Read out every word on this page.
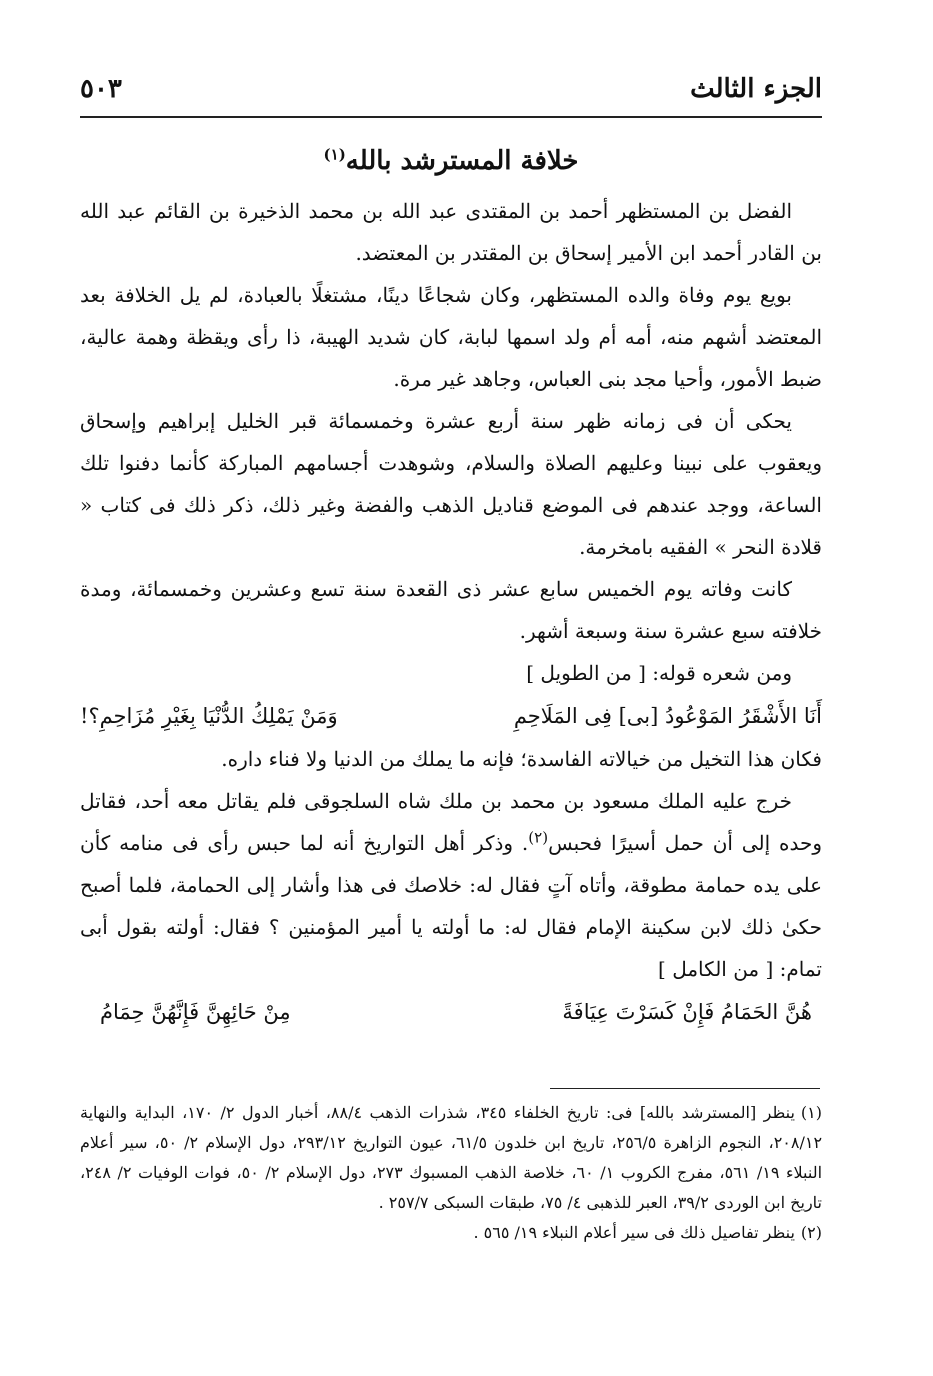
الجزء الثالث
٥٠٣
خلافة المسترشد بالله$^{(١)}$

الفضل بن المستظهر أحمد بن المقتدى عبد الله بن محمد الذخيرة بن القائم عبد الله بن القادر أحمد ابن الأمير إسحاق بن المقتدر بن المعتضد.

بويع يوم وفاة والده المستظهر، وكان شجاعًا دينًا، مشتغلًا بالعبادة، لم يل الخلافة بعد المعتضد أشهم منه، أمه أم ولد اسمها لبابة، كان شديد الهيبة، ذا رأى ويقظة وهمة عالية، ضبط الأمور، وأحيا مجد بنى العباس، وجاهد غير مرة.

يحكى أن فى زمانه ظهر سنة أربع عشرة وخمسمائة قبر الخليل إبراهيم وإسحاق ويعقوب على نبينا وعليهم الصلاة والسلام، وشوهدت أجسامهم المباركة كأنما دفنوا تلك الساعة، ووجد عندهم فى الموضع قناديل الذهب والفضة وغير ذلك، ذكر ذلك فى كتاب « قلادة النحر » الفقيه بامخرمة.

كانت وفاته يوم الخميس سابع عشر ذى القعدة سنة تسع وعشرين وخمسمائة، ومدة خلافته سبع عشرة سنة وسبعة أشهر.

ومن شعره قوله: [ من الطويل ]

أَنَا الأَشْقَرُ المَوْعُودُ [بى] فِى المَلَاحِمِ
وَمَنْ يَمْلِكُ الدُّنْيَا بِغَيْرِ مُزَاحِمِ؟!

فكان هذا التخيل من خيالاته الفاسدة؛ فإنه ما يملك من الدنيا ولا فناء داره.

خرج عليه الملك مسعود بن محمد بن ملك شاه السلجوقى فلم يقاتل معه أحد، فقاتل وحده إلى أن حمل أسيرًا فحبس$^{(٢)}$. وذكر أهل التواريخ أنه لما حبس رأى فى منامه كأن على يده حمامة مطوقة، وأتاه آتٍ فقال له: خلاصك فى هذا وأشار إلى الحمامة، فلما أصبح حكىٰ ذلك لابن سكينة الإمام فقال له: ما أولته يا أمير المؤمنين ؟ فقال: أولته بقول أبى تمام: [ من الكامل ]

هُنَّ الحَمَامُ فَإِنْ كَسَرْتَ عِيَافَةً
مِنْ حَائِهِنَّ فَإِنَّهُنَّ حِمَامُ

(١)ينظر [المسترشد بالله] فى: تاريخ الخلفاء ٣٤٥، شذرات الذهب ٨٨/٤، أخبار الدول ٢/ ١٧٠، البداية والنهاية ٢٠٨/١٢، النجوم الزاهرة ٢٥٦/٥، تاريخ ابن خلدون ٦١/٥، عيون التواريخ ٢٩٣/١٢، دول الإسلام ٢/ ٥٠، سير أعلام النبلاء ١٩/ ٥٦١، مفرج الكروب ١/ ٦٠، خلاصة الذهب المسبوك ٢٧٣، دول الإسلام ٢/ ٥٠، فوات الوفيات ٢/ ٢٤٨، تاريخ ابن الوردى ٣٩/٢، العبر للذهبى ٤/ ٧٥، طبقات السبكى ٢٥٧/٧ .

(٢)ينظر تفاصيل ذلك فى سير أعلام النبلاء ١٩/ ٥٦٥ .
